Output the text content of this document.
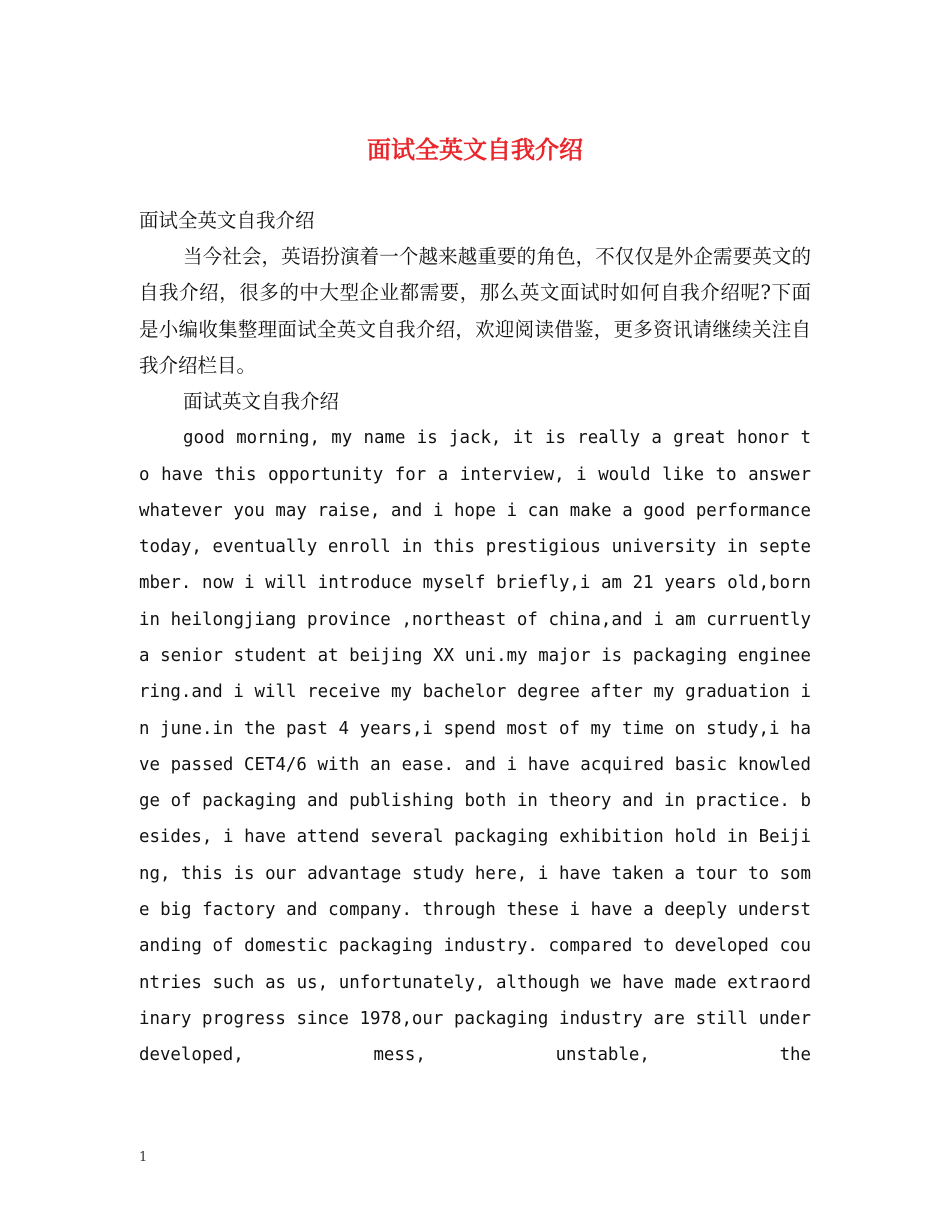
面试全英文自我介绍

面试全英文自我介绍

当今社会，英语扮演着一个越来越重要的角色，不仅仅是外企需要英文的自我介绍，很多的中大型企业都需要，那么英文面试时如何自我介绍呢?下面是小编收集整理面试全英文自我介绍，欢迎阅读借鉴，更多资讯请继续关注自我介绍栏目。

面试英文自我介绍

good morning, my name is jack, it is really a great honor to have this opportunity for a interview, i would like to answer whatever you may raise, and i hope i can make a good performance today, eventually enroll in this prestigious university in september. now i will introduce myself briefly,i am 21 years old,born in heilongjiang province ,northeast of china,and i am curruently a senior student at beijing XX uni.my major is packaging engineering.and i will receive my bachelor degree after my graduation in june.in the past 4 years,i spend most of my time on study,i have passed CET4/6 with an ease. and i have acquired basic knowledge of packaging and publishing both in theory and in practice. besides, i have attend several packaging exhibition hold in Beijing, this is our advantage study here, i have taken a tour to some big factory and company. through these i have a deeply understanding of domestic packaging industry. compared to developed countries such as us, unfortunately, although we have made extraordinary progress since 1978,our packaging industry are still underdeveloped, mess, unstable, the

1
